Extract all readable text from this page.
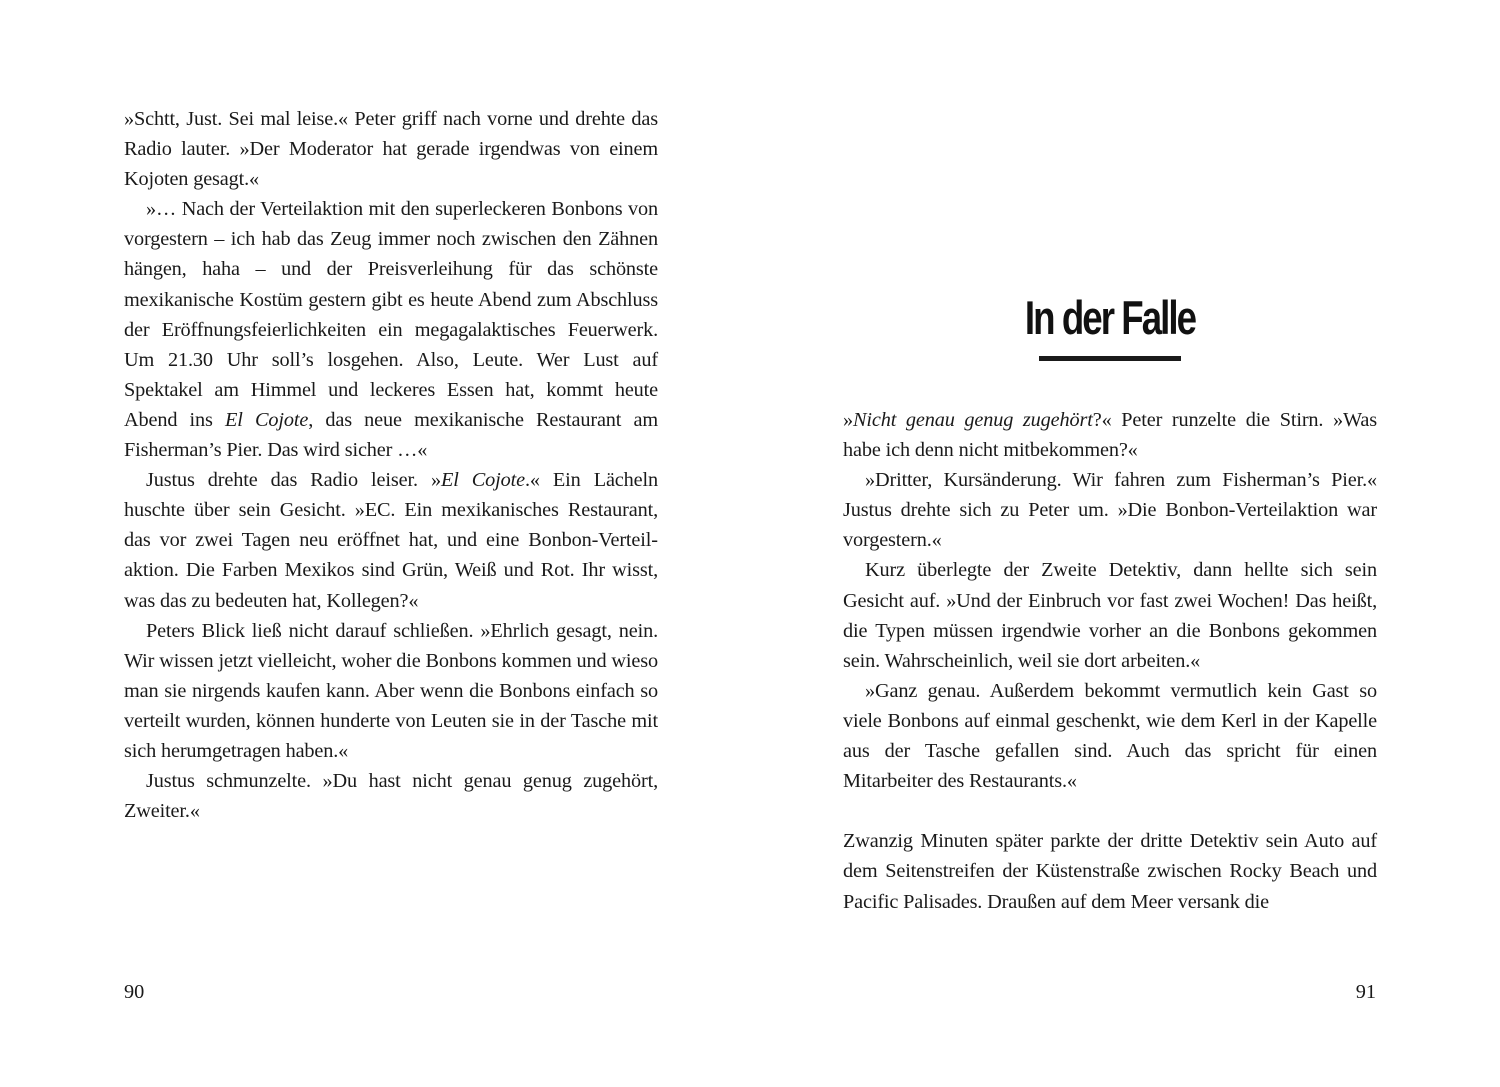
»Schtt, Just. Sei mal leise.« Peter griff nach vorne und drehte das Radio lauter. »Der Moderator hat gerade irgendwas von einem Kojoten gesagt.«

»… Nach der Verteilaktion mit den superleckeren Bonbons von vorgestern – ich hab das Zeug immer noch zwischen den Zähnen hängen, haha – und der Preisverleihung für das schönste mexikanische Kostüm gestern gibt es heute Abend zum Abschluss der Eröffnungsfeierlichkeiten ein megagalaktisches Feuerwerk. Um 21.30 Uhr soll’s losgehen. Also, Leute. Wer Lust auf Spektakel am Himmel und leckeres Essen hat, kommt heute Abend ins El Cojote, das neue mexikanische Restaurant am Fisherman’s Pier. Das wird sicher …«

Justus drehte das Radio leiser. »El Cojote.« Ein Lächeln huschte über sein Gesicht. »EC. Ein mexikanisches Restaurant, das vor zwei Tagen neu eröffnet hat, und eine Bonbon-Verteilaktion. Die Farben Mexikos sind Grün, Weiß und Rot. Ihr wisst, was das zu bedeuten hat, Kollegen?«

Peters Blick ließ nicht darauf schließen. »Ehrlich gesagt, nein. Wir wissen jetzt vielleicht, woher die Bonbons kommen und wieso man sie nirgends kaufen kann. Aber wenn die Bonbons einfach so verteilt wurden, können hunderte von Leuten sie in der Tasche mit sich herumgetragen haben.«

Justus schmunzelte. »Du hast nicht genau genug zugehört, Zweiter.«

90
In der Falle

»Nicht genau genug zugehört?« Peter runzelte die Stirn. »Was habe ich denn nicht mitbekommen?«

»Dritter, Kursänderung. Wir fahren zum Fisherman’s Pier.« Justus drehte sich zu Peter um. »Die Bonbon-Verteilaktion war vorgestern.«

Kurz überlegte der Zweite Detektiv, dann hellte sich sein Gesicht auf. »Und der Einbruch vor fast zwei Wochen! Das heißt, die Typen müssen irgendwie vorher an die Bonbons gekommen sein. Wahrscheinlich, weil sie dort arbeiten.«

»Ganz genau. Außerdem bekommt vermutlich kein Gast so viele Bonbons auf einmal geschenkt, wie dem Kerl in der Kapelle aus der Tasche gefallen sind. Auch das spricht für einen Mitarbeiter des Restaurants.«

Zwanzig Minuten später parkte der dritte Detektiv sein Auto auf dem Seitenstreifen der Küstenstraße zwischen Rocky Beach und Pacific Palisades. Draußen auf dem Meer versank die

91
